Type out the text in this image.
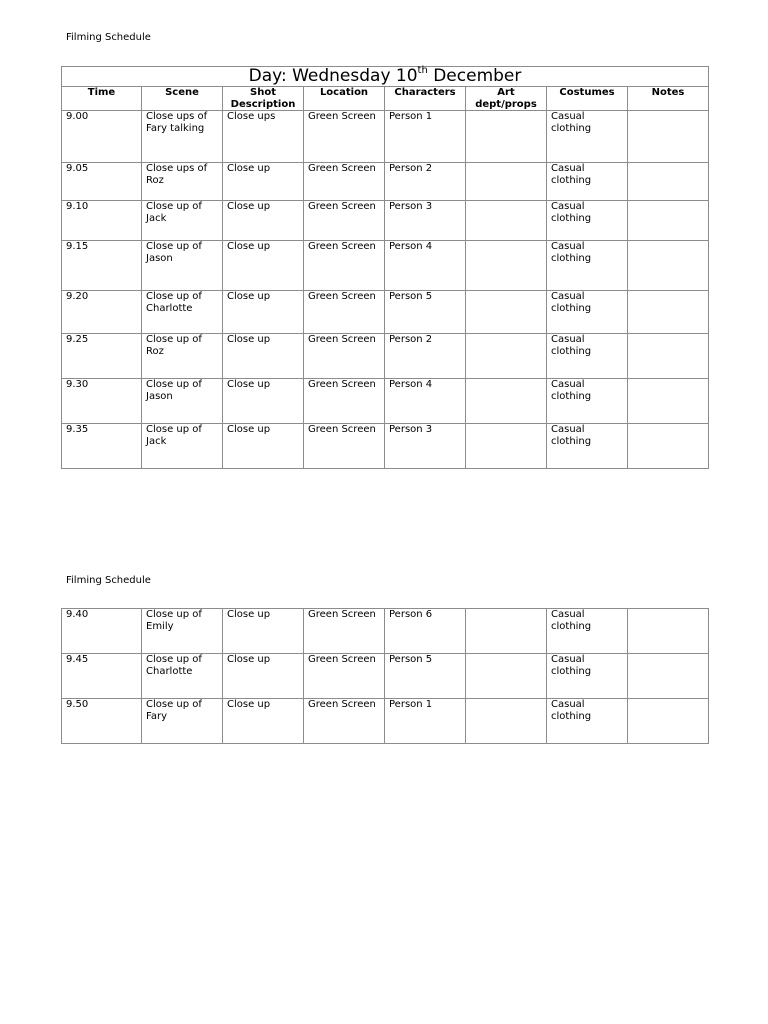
Filming Schedule
Day: Wednesday 10th December							
Time	Scene	Shot Description	Location	Characters	Art dept/props	Costumes	Notes
9.00	Close ups of Fary talking	Close ups	Green Screen	Person 1		Casual clothing	
9.05	Close ups of Roz	Close up	Green Screen	Person 2		Casual clothing	
9.10	Close up of Jack	Close up	Green Screen	Person 3		Casual clothing	
9.15	Close up of Jason	Close up	Green Screen	Person 4		Casual clothing	
9.20	Close up of Charlotte	Close up	Green Screen	Person 5		Casual clothing	
9.25	Close up of Roz	Close up	Green Screen	Person 2		Casual clothing	
9.30	Close up of Jason	Close up	Green Screen	Person 4		Casual clothing	
9.35	Close up of Jack	Close up	Green Screen	Person 3		Casual clothing	
Filming Schedule
9.40	Close up of Emily	Close up	Green Screen	Person 6		Casual clothing	
9.45	Close up of Charlotte	Close up	Green Screen	Person 5		Casual clothing	
9.50	Close up of Fary	Close up	Green Screen	Person 1		Casual clothing	
